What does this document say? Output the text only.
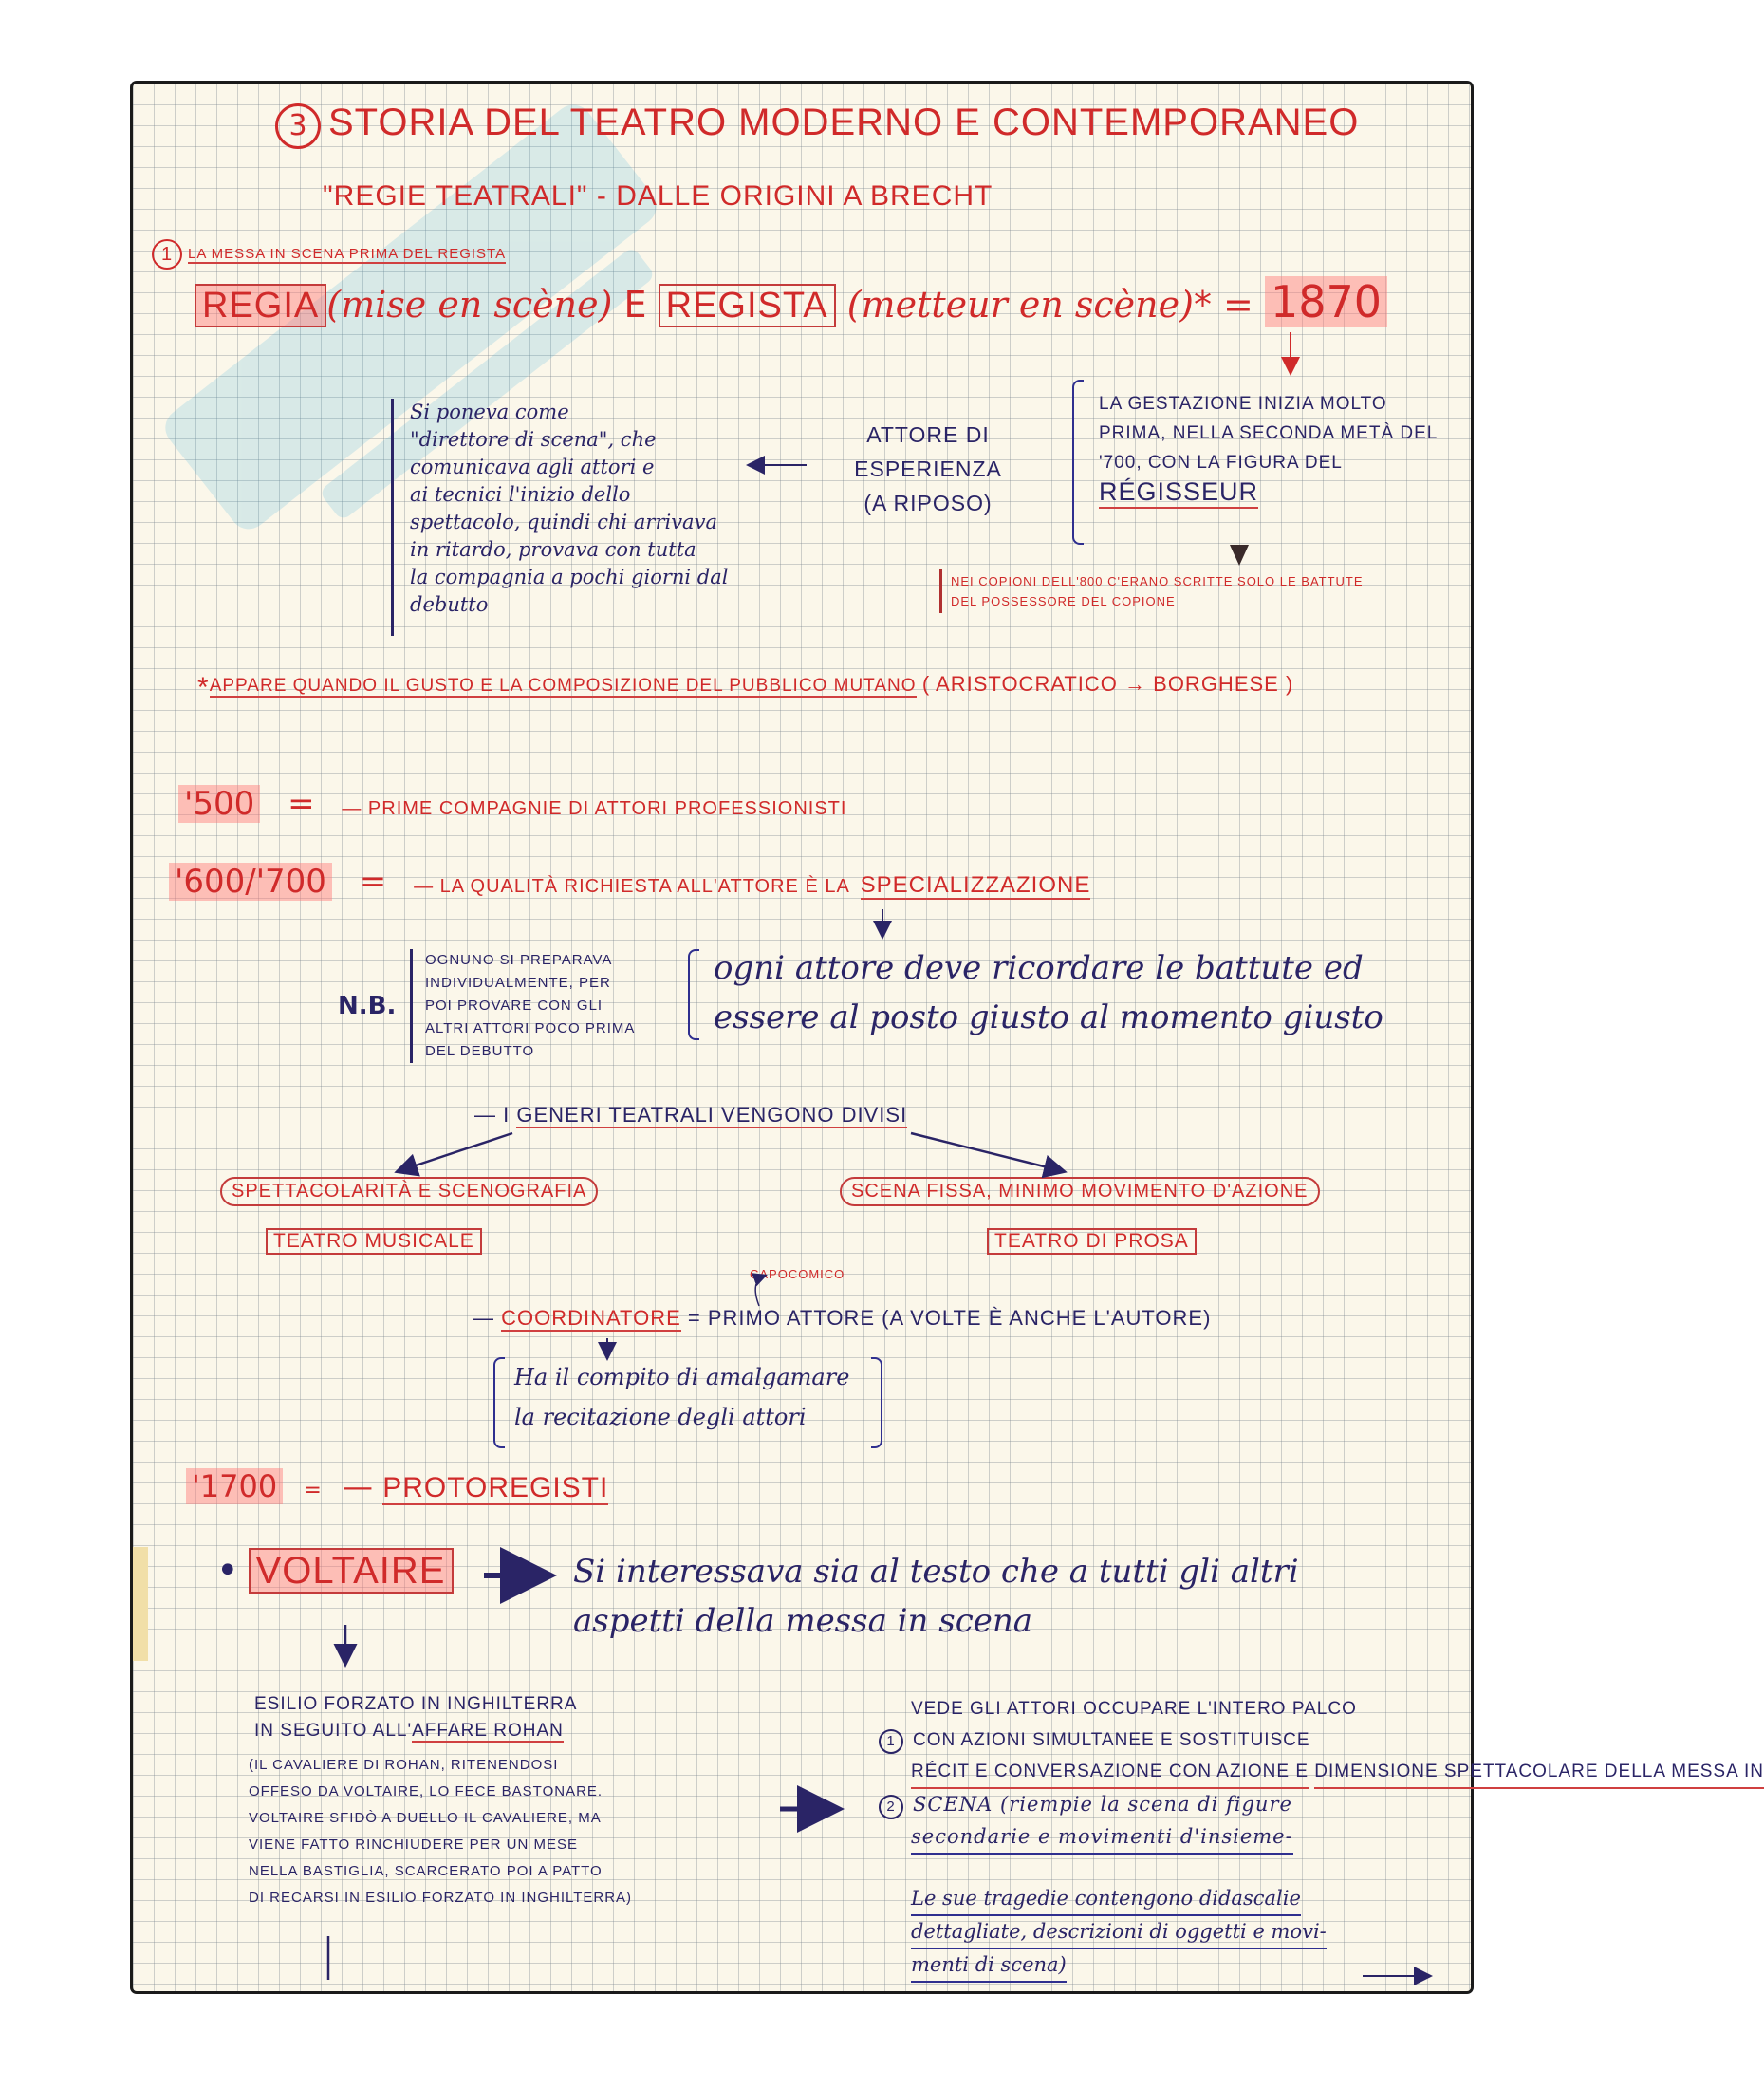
3 STORIA DEL TEATRO MODERNO E CONTEMPORANEO
"REGIE TEATRALI" - DALLE ORIGINI A BRECHT
1 LA MESSA IN SCENA PRIMA DEL REGISTA
REGIA (mise en scène) E REGISTA (metteur en scène)* = 1870
Si poneva come
"direttore di scena", che
comunicava agli attori e
ai tecnici l'inizio dello
spettacolo, quindi chi arrivava
in ritardo, provava con tutta
la compagnia a pochi giorni dal
debutto
ATTORE DI
ESPERIENZA
(A RIPOSO)
LA GESTAZIONE INIZIA MOLTO
PRIMA, NELLA SECONDA METÀ DEL
'700, CON LA FIGURA DEL
RÉGISSEUR
NEI COPIONI DELL'800 C'ERANO SCRITTE SOLO LE BATTUTE
DEL POSSESSORE DEL COPIONE
*APPARE QUANDO IL GUSTO E LA COMPOSIZIONE DEL PUBBLICO MUTANO ( ARISTOCRATICO → BORGHESE )
'500 = — PRIME COMPAGNIE DI ATTORI PROFESSIONISTI
'600/'700 = — LA QUALITÀ RICHIESTA ALL'ATTORE È LA SPECIALIZZAZIONE
N.B.
OGNUNO SI PREPARAVA
INDIVIDUALMENTE, PER
POI PROVARE CON GLI
ALTRI ATTORI POCO PRIMA
DEL DEBUTTO
ogni attore deve ricordare le battute ed
essere al posto giusto al momento giusto
— I GENERI TEATRALI VENGONO DIVISI
SPETTACOLARITÀ E SCENOGRAFIA
TEATRO MUSICALE
SCENA FISSA, MINIMO MOVIMENTO D'AZIONE
TEATRO DI PROSA
CAPOCOMICO
— COORDINATORE = PRIMO ATTORE (A VOLTE È ANCHE L'AUTORE)
Ha il compito di amalgamare
la recitazione degli attori
'1700 = — PROTOREGISTI
• VOLTAIRE	Si interessava sia al testo che a tutti gli altri
aspetti della messa in scena
ESILIO FORZATO IN INGHILTERRA
IN SEGUITO ALL'AFFARE ROHAN
(IL CAVALIERE DI ROHAN, RITENENDOSI
OFFESO DA VOLTAIRE, LO FECE BASTONARE.
VOLTAIRE SFIDÒ A DUELLO IL CAVALIERE, MA
VIENE FATTO RINCHIUDERE PER UN MESE
NELLA BASTIGLIA, SCARCERATO POI A PATTO
DI RECARSI IN ESILIO FORZATO IN INGHILTERRA)
VEDE GLI ATTORI OCCUPARE L'INTERO PALCO
1 CON AZIONI SIMULTANEE E SOSTITUISCE
RÉCIT E CONVERSAZIONE CON AZIONE E DIMENSIONE SPETTACOLARE DELLA MESSA IN
2 SCENA (riempie la scena di figure
secondarie e movimenti d'insieme-
Le sue tragedie contengono didascalie
dettagliate, descrizioni di oggetti e movi-
menti di scena)
